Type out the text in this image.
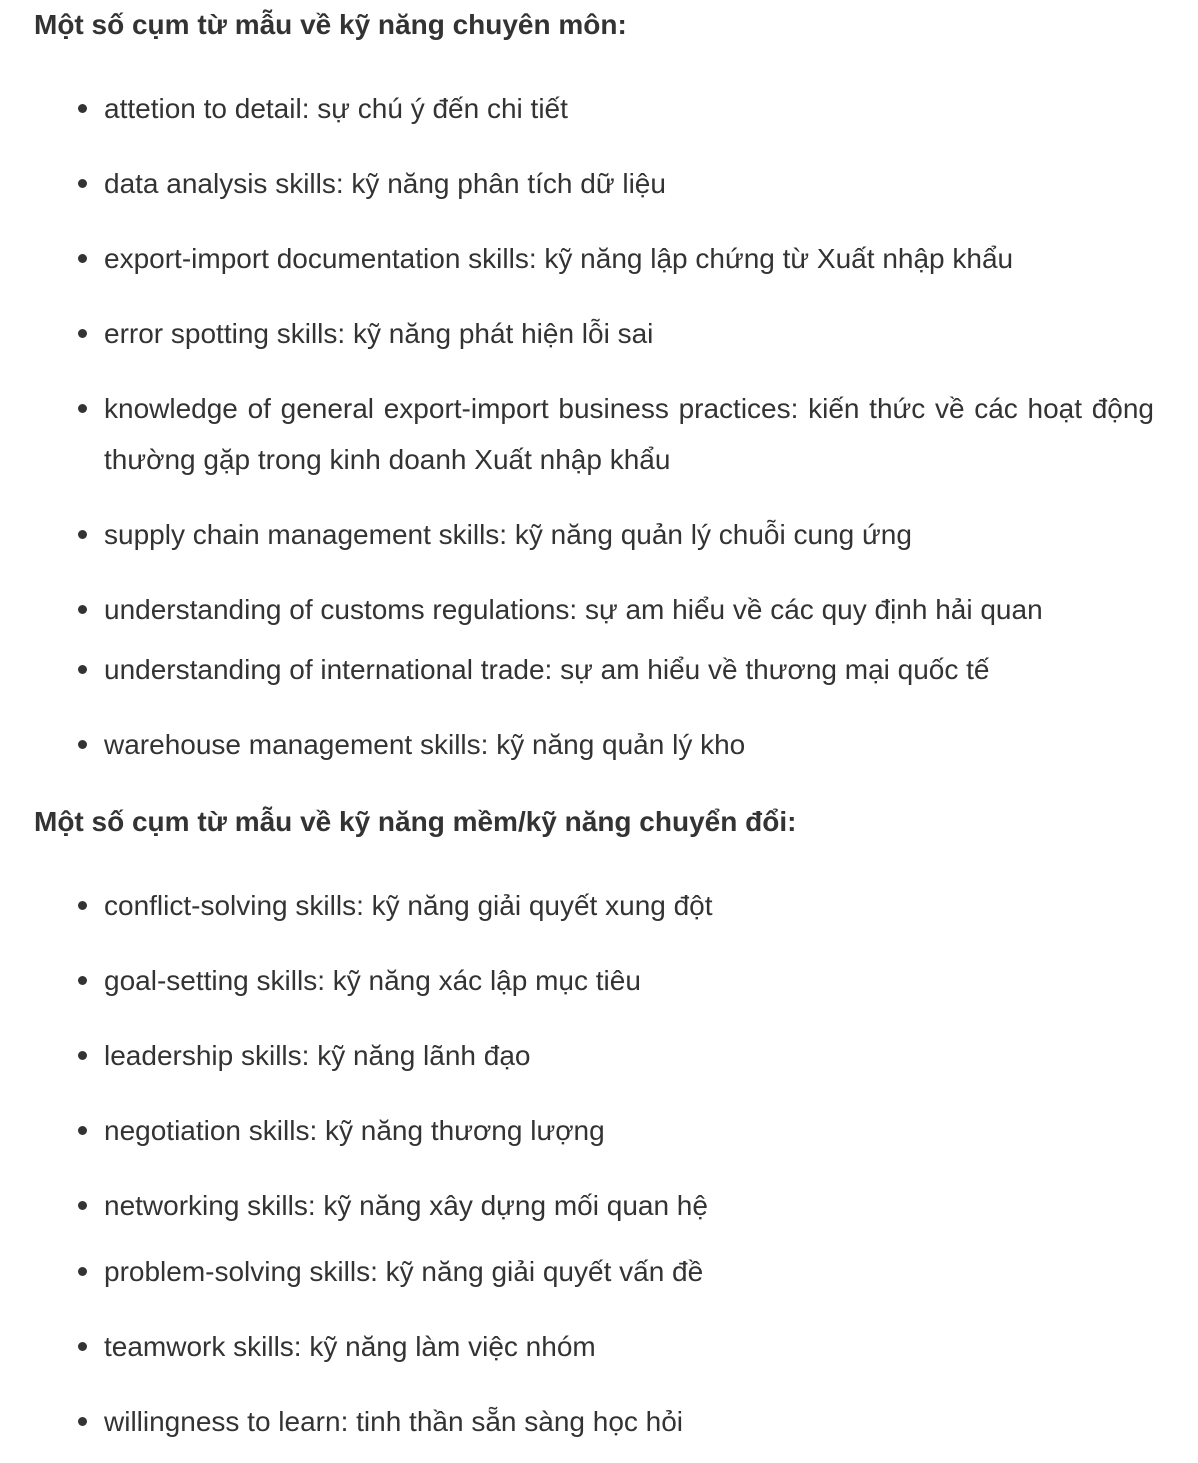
Một số cụm từ mẫu về kỹ năng chuyên môn:
attetion to detail: sự chú ý đến chi tiết
data analysis skills: kỹ năng phân tích dữ liệu
export-import documentation skills: kỹ năng lập chứng từ Xuất nhập khẩu
error spotting skills: kỹ năng phát hiện lỗi sai
knowledge of general export-import business practices: kiến thức về các hoạt động thường gặp trong kinh doanh Xuất nhập khẩu
supply chain management skills: kỹ năng quản lý chuỗi cung ứng
understanding of customs regulations: sự am hiểu về các quy định hải quan
understanding of international trade: sự am hiểu về thương mại quốc tế
warehouse management skills: kỹ năng quản lý kho
Một số cụm từ mẫu về kỹ năng mềm/kỹ năng chuyển đổi:
conflict-solving skills: kỹ năng giải quyết xung đột
goal-setting skills: kỹ năng xác lập mục tiêu
leadership skills: kỹ năng lãnh đạo
negotiation skills: kỹ năng thương lượng
networking skills: kỹ năng xây dựng mối quan hệ
problem-solving skills: kỹ năng giải quyết vấn đề
teamwork skills: kỹ năng làm việc nhóm
willingness to learn: tinh thần sẵn sàng học hỏi
